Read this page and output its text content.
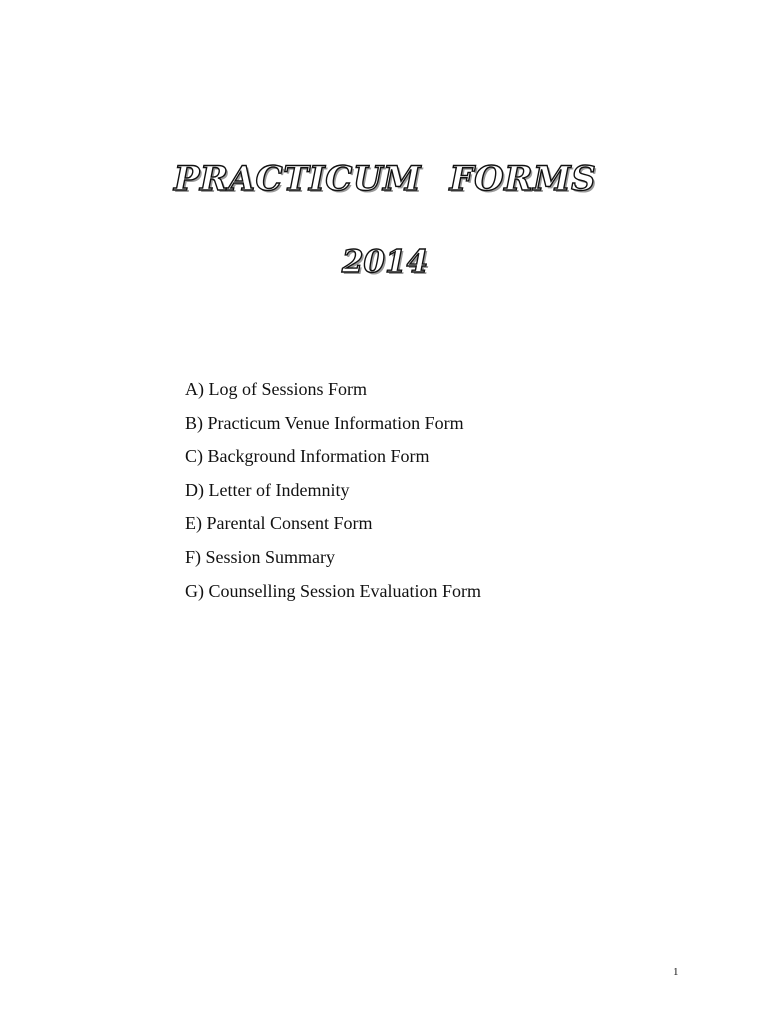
PRACTICUM FORMS
2014
A) Log of Sessions Form
B) Practicum Venue Information Form
C) Background Information Form
D) Letter of Indemnity
E) Parental Consent Form
F) Session Summary
G) Counselling Session Evaluation Form
1
